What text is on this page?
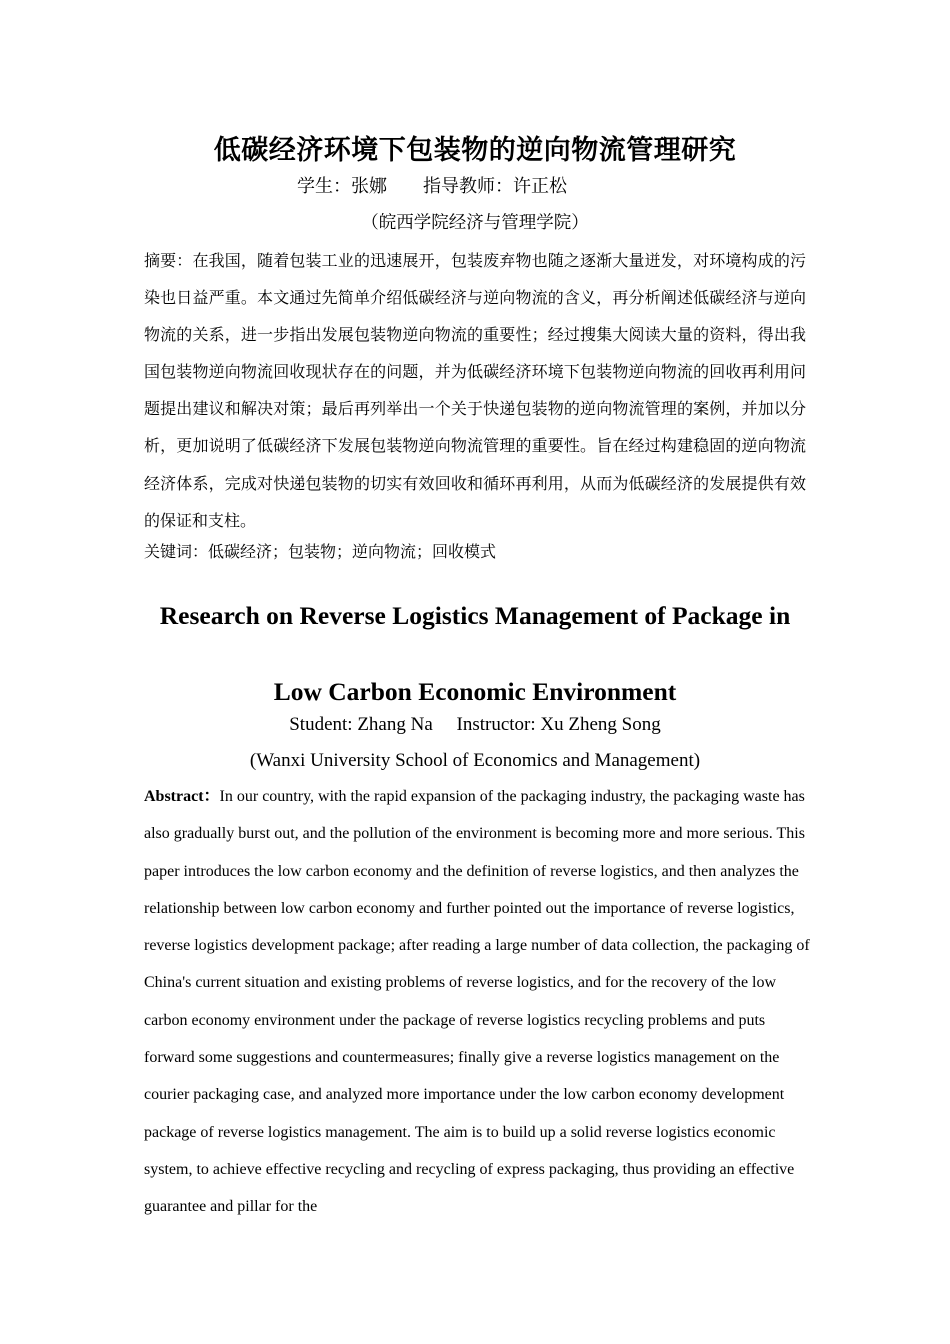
低碳经济环境下包装物的逆向物流管理研究
学生：张娜　　指导教师：许正松
（皖西学院经济与管理学院）
摘要：在我国，随着包装工业的迅速展开，包装废弃物也随之逐渐大量迸发，对环境构成的污染也日益严重。本文通过先简单介绍低碳经济与逆向物流的含义，再分析阐述低碳经济与逆向物流的关系，进一步指出发展包装物逆向物流的重要性；经过搜集大阅读大量的资料，得出我国包装物逆向物流回收现状存在的问题，并为低碳经济环境下包装物逆向物流的回收再利用问题提出建议和解决对策；最后再列举出一个关于快递包装物的逆向物流管理的案例，并加以分析，更加说明了低碳经济下发展包装物逆向物流管理的重要性。旨在经过构建稳固的逆向物流经济体系，完成对快递包装物的切实有效回收和循环再利用，从而为低碳经济的发展提供有效的保证和支柱。
关键词：低碳经济；包装物；逆向物流；回收模式
Research on Reverse Logistics Management of Package in
Low Carbon Economic Environment
Student: Zhang Na     Instructor: Xu Zheng Song
(Wanxi University School of Economics and Management)
Abstract：In our country, with the rapid expansion of the packaging industry, the packaging waste has also gradually burst out, and the pollution of the environment is becoming more and more serious. This paper introduces the low carbon economy and the definition of reverse logistics, and then analyzes the relationship between low carbon economy and further pointed out the importance of reverse logistics, reverse logistics development package; after reading a large number of data collection, the packaging of China's current situation and existing problems of reverse logistics, and for the recovery of the low carbon economy environment under the package of reverse logistics recycling problems and puts forward some suggestions and countermeasures; finally give a reverse logistics management on the courier packaging case, and analyzed more importance under the low carbon economy development package of reverse logistics management. The aim is to build up a solid reverse logistics economic system, to achieve effective recycling and recycling of express packaging, thus providing an effective guarantee and pillar for the
